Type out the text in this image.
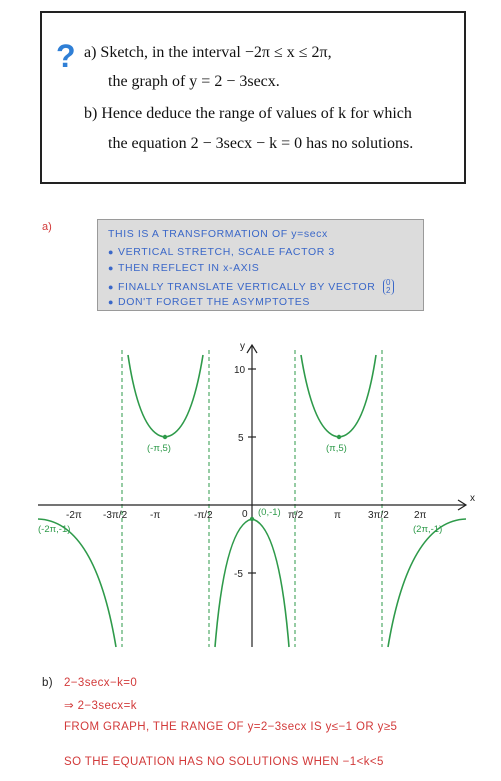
? a) Sketch, in the interval −2π ≤ x ≤ 2π,
the graph of y = 2 − 3secx.
b) Hence deduce the range of values of k for which
the equation 2 − 3secx − k = 0 has no solutions.
a)
THIS IS A TRANSFORMATION OF y=secx
● VERTICAL STRETCH, SCALE FACTOR 3
● THEN REFLECT IN x-AXIS
● FINALLY TRANSLATE VERTICALLY BY VECTOR 0
2
● DON'T FORGET THE ASYMPTOTES
y
x
10
5
-5
0
-2π -3π/2 -π	-π/2	π/2	π	3π/2	2π
(-π,5)	(π,5)
(0,-1)
(-2π,-1)	(2π,-1)
b) 2−3secx−k=0
⇒ 2−3secx=k
FROM GRAPH, THE RANGE OF y=2−3secx IS y≤−1 OR y≥5
SO THE EQUATION HAS NO SOLUTIONS WHEN −1<k<5
